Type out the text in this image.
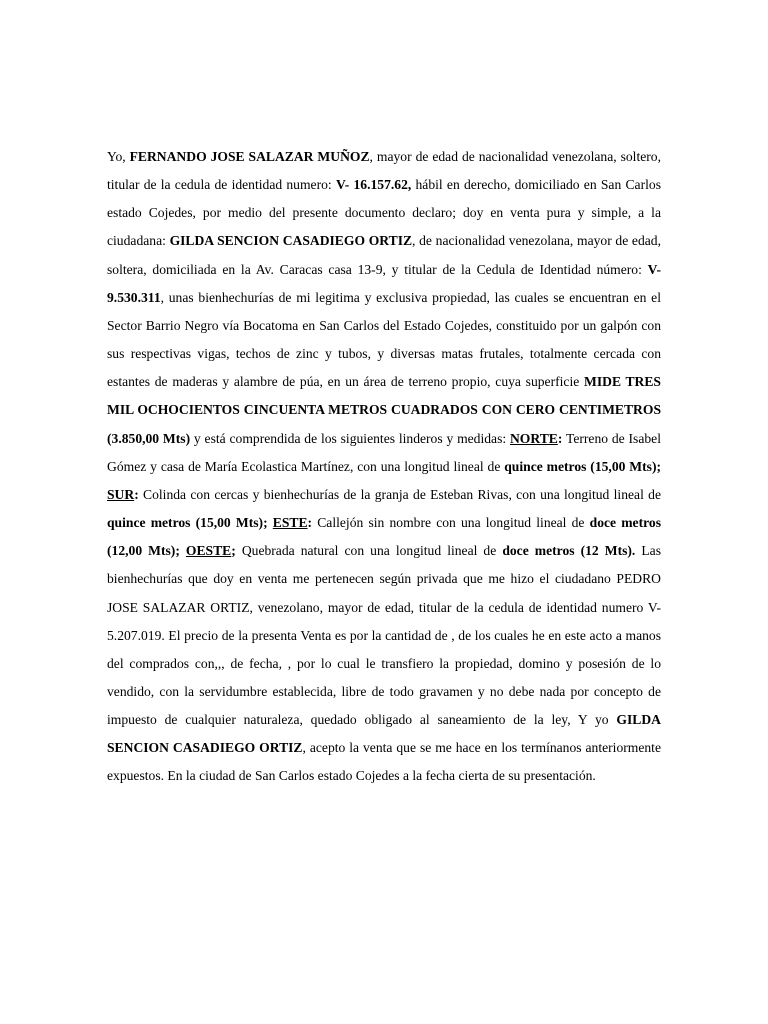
Yo, FERNANDO JOSE SALAZAR MUÑOZ, mayor de edad de nacionalidad venezolana, soltero, titular de la cedula de identidad numero: V- 16.157.62, hábil en derecho, domiciliado en San Carlos estado Cojedes, por medio del presente documento declaro; doy en venta pura y simple, a la ciudadana: GILDA SENCION CASADIEGO ORTIZ, de nacionalidad venezolana, mayor de edad, soltera, domiciliada en la Av. Caracas casa 13-9, y titular de la Cedula de Identidad número: V- 9.530.311, unas bienhechurías de mi legitima y exclusiva propiedad, las cuales se encuentran en el Sector Barrio Negro vía Bocatoma en San Carlos del Estado Cojedes, constituido por un galpón con sus respectivas vigas, techos de zinc y tubos, y diversas matas frutales, totalmente cercada con estantes de maderas y alambre de púa, en un área de terreno propio, cuya superficie MIDE TRES MIL OCHOCIENTOS CINCUENTA METROS CUADRADOS CON CERO CENTIMETROS (3.850,00 Mts) y está comprendida de los siguientes linderos y medidas: NORTE: Terreno de Isabel Gómez y casa de María Ecolastica Martínez, con una longitud lineal de quince metros (15,00 Mts); SUR: Colinda con cercas y bienhechurías de la granja de Esteban Rivas, con una longitud lineal de quince metros (15,00 Mts); ESTE: Callejón sin nombre con una longitud lineal de doce metros (12,00 Mts); OESTE; Quebrada natural con una longitud lineal de doce metros (12 Mts). Las bienhechurías que doy en venta me pertenecen según privada que me hizo el ciudadano PEDRO JOSE SALAZAR ORTIZ, venezolano, mayor de edad, titular de la cedula de identidad numero V- 5.207.019. El precio de la presenta Venta es por la cantidad de , de los cuales he en este acto a manos del comprados con,,, de fecha, , por lo cual le transfiero la propiedad, domino y posesión de lo vendido, con la servidumbre establecida, libre de todo gravamen y no debe nada por concepto de impuesto de cualquier naturaleza, quedado obligado al saneamiento de la ley, Y yo GILDA SENCION CASADIEGO ORTIZ, acepto la venta que se me hace en los termínanos anteriormente expuestos. En la ciudad de San Carlos estado Cojedes a la fecha cierta de su presentación.
